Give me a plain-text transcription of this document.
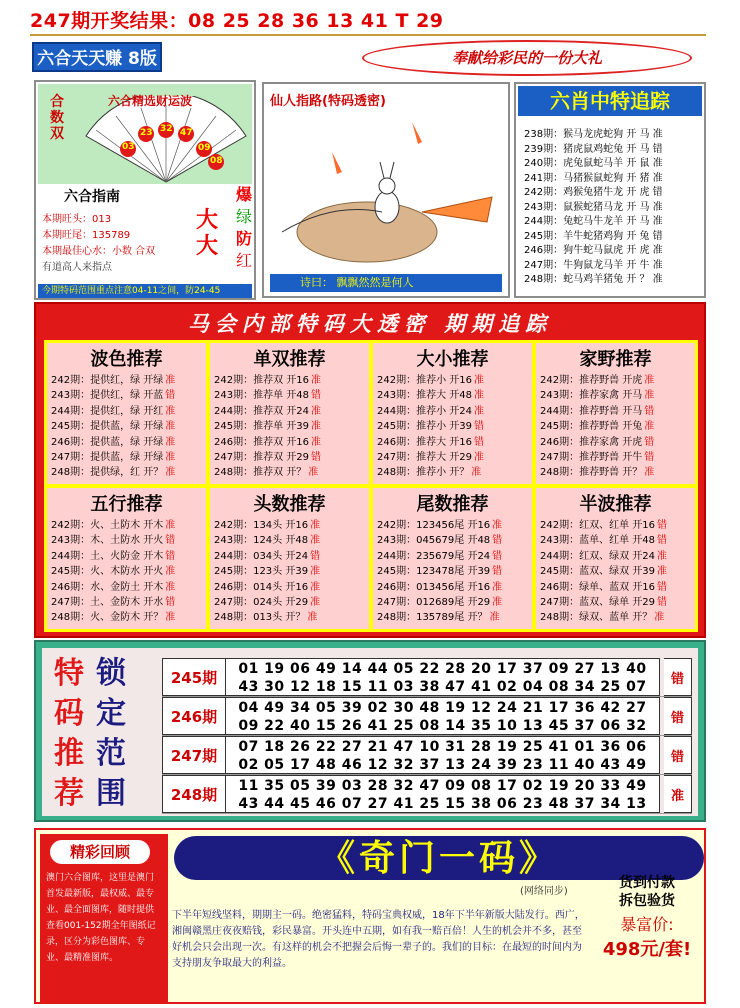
247期开奖结果：08 25 28 36 13 41 T 29
六合天天赚 8版	奉献给彩民的一份大礼
合数双
六合精选财运波
03
23 32 47
09
08
六合指南
本期旺头：013
本期旺尾：135789
本期最佳心水：小数 合双
有道高人来指点
大
大
爆
绿
防
红
今期特码范围重点注意04-11之间，防24-45
仙人指路(特码透密)
诗曰： 飘飘然然是何人
六肖中特追踪
238期：猴马龙虎蛇狗 开 马 准
239期：猪虎鼠鸡蛇兔 开 马 错
240期：虎兔鼠蛇马羊 开 鼠 准
241期：马猪猴鼠蛇狗 开 猪 准
242期：鸡猴兔猪牛龙 开 虎 错
243期：鼠猴蛇猪马龙 开 马 准
244期：兔蛇马牛龙羊 开 马 准
245期：羊牛蛇猪鸡狗 开 兔 错
246期：狗牛蛇马鼠虎 开 虎 准
247期：牛狗鼠龙马羊 开 牛 准
248期：蛇马鸡羊猪兔 开 ？ 准
马会内部特码大透密 期期追踪
波色推荐
242期：提供红，绿 开绿 准
243期：提供红，绿 开蓝 错
244期：提供红，绿 开红 准
245期：提供蓝，绿 开绿 准
246期：提供蓝，绿 开绿 准
247期：提供蓝，绿 开绿 准
248期：提供绿，红 开？ 准
单双推荐
242期：推荐双 开16 准
243期：推荐单 开48 错
244期：推荐双 开24 准
245期：推荐单 开39 准
246期：推荐双 开16 准
247期：推荐双 开29 错
248期：推荐双 开？ 准
大小推荐
242期：推荐小 开16 准
243期：推荐大 开48 准
244期：推荐小 开24 准
245期：推荐小 开39 错
246期：推荐大 开16 错
247期：推荐大 开29 准
248期：推荐小 开？ 准
家野推荐
242期：推荐野兽 开虎 准
243期：推荐家禽 开马 准
244期：推荐野兽 开马 错
245期：推荐野兽 开兔 准
246期：推荐家禽 开虎 错
247期：推荐野兽 开牛 错
248期：推荐野兽 开？ 准
五行推荐
242期：火、土防木 开木 准
243期：木、土防水 开火 错
244期：土、火防金 开木 错
245期：火、木防水 开火 准
246期：水、金防土 开木 准
247期：土、金防木 开水 错
248期：火、金防木 开？ 准
头数推荐
242期：134头 开16 准
243期：124头 开48 准
244期：034头 开24 错
245期：123头 开39 准
246期：014头 开16 准
247期：024头 开29 准
248期：013头 开？ 准
尾数推荐
242期：123456尾 开16 准
243期：045679尾 开48 错
244期：235679尾 开24 错
245期：123478尾 开39 错
246期：013456尾 开16 准
247期：012689尾 开29 准
248期：135789尾 开？ 准
半波推荐
242期：红双、红单 开16 错
243期：蓝单、红单 开48 错
244期：红双、绿双 开24 准
245期：蓝双、绿双 开39 准
246期：绿单、蓝双 开16 错
247期：蓝双、绿单 开29 错
248期：绿双、蓝单 开？ 准
特 锁
码 定
推 范
荐 围
245期	01 19 06 49 14 44 05 22 28 20 17 37 09 27 13 40
43 30 12 18 15 11 03 38 47 41 02 04 08 34 25 07	错
246期	04 49 34 05 39 02 30 48 19 12 24 21 17 36 42 27
09 22 40 15 26 41 25 08 14 35 10 13 45 37 06 32	错
247期	07 18 26 22 27 21 47 10 31 28 19 25 41 01 36 06
02 05 17 48 46 12 32 37 13 24 39 23 11 40 43 49	错
248期	11 35 05 39 03 28 32 47 09 08 17 02 19 20 33 49
43 44 45 46 07 27 41 25 15 38 06 23 48 37 34 13	准
精彩回顾
澳门六合图库，这里是澳门首发最新版，最权威、最专业、最全面图库，随时提供查看001-152期全年图纸记录，区分为彩色图库、专业、最精准图库。
《奇门一码》
(网络同步)
下半年短线坚料，期期主一码。绝密猛料，特码宝典权威，18年下半年新版大陆发行。西广，湘闽赣黑庄夜夜赔钱，彩民暴富。开头连中五期，如有我一赔百倍！人生的机会并不多，甚至好机会只会出现一次。有这样的机会不把握会后悔一辈子的。我们的目标：在最短的时间内为支持朋友争取最大的利益。
货到付款
拆包验货
暴富价:
498元/套!
